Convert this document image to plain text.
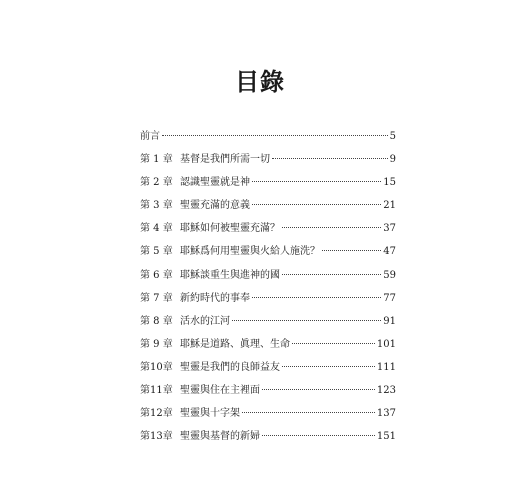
目錄
前言	5
第 1 章 基督是我們所需一切	9
第 2 章 認識聖靈就是神	15
第 3 章 聖靈充滿的意義	21
第 4 章 耶穌如何被聖靈充滿？	37
第 5 章 耶穌爲何用聖靈與火給人施洗？	47
第 6 章 耶穌談重生與進神的國	59
第 7 章 新約時代的事奉	77
第 8 章 活水的江河	91
第 9 章 耶穌是道路、眞理、生命	101
第10章 聖靈是我們的良師益友	111
第11章 聖靈與住在主裡面	123
第12章 聖靈與十字架	137
第13章 聖靈與基督的新婦	151
